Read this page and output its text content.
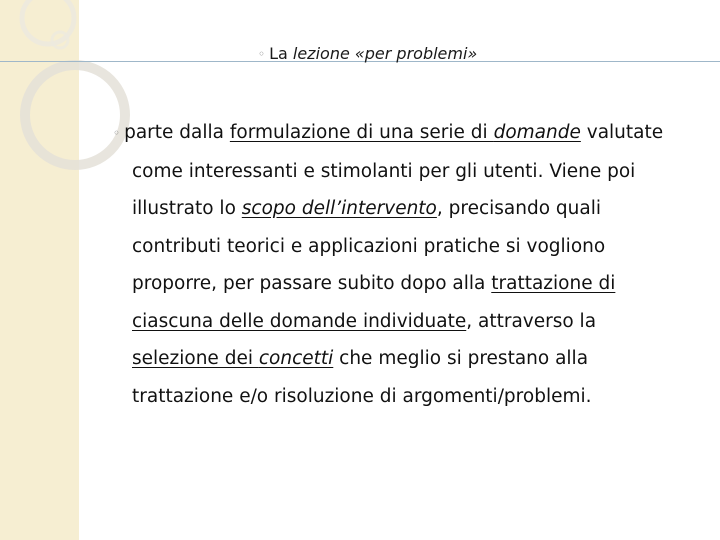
◦ La lezione «per problemi»
◦ parte dalla formulazione di una serie di domande valutate
come interessanti e stimolanti per gli utenti. Viene poi
illustrato lo scopo dell’intervento, precisando quali
contributi teorici e applicazioni pratiche si vogliono
proporre, per passare subito dopo alla trattazione di
ciascuna delle domande individuate, attraverso la
selezione dei concetti che meglio si prestano alla
trattazione e/o risoluzione di argomenti/problemi.
